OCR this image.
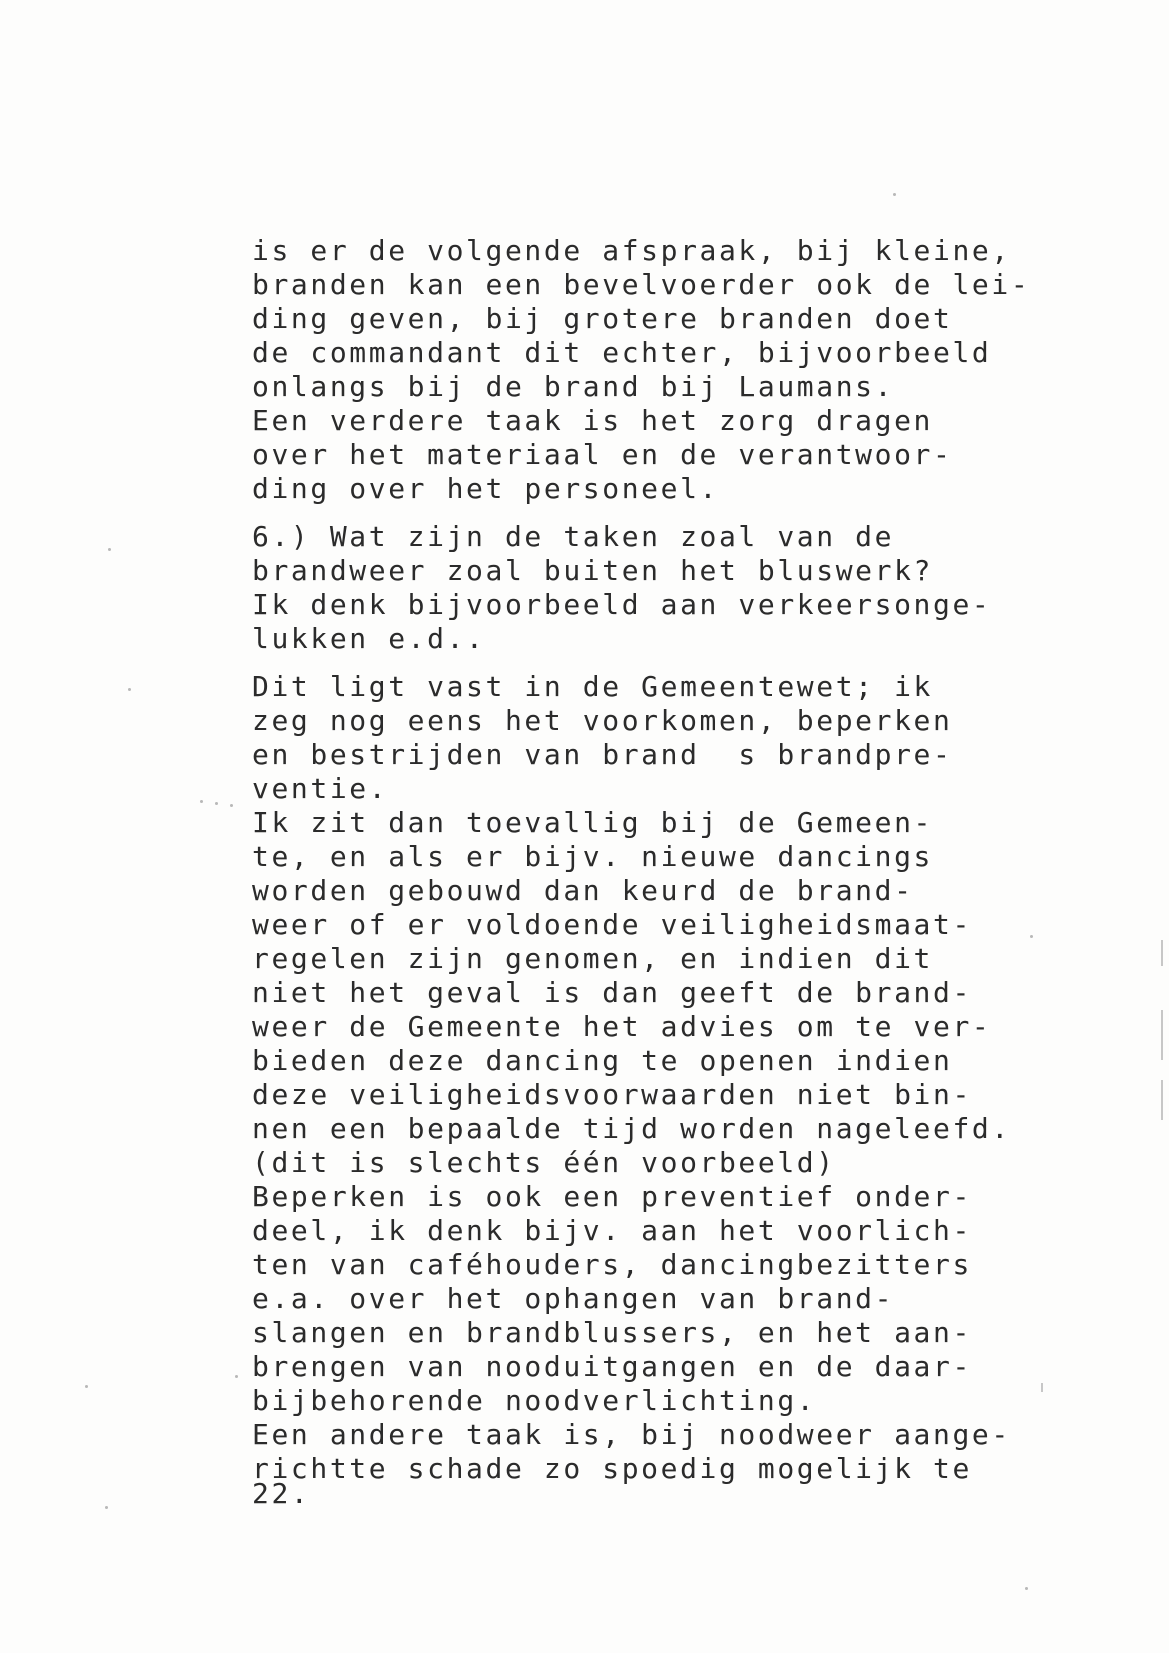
is er de volgende afspraak, bij kleine,
branden kan een bevelvoerder ook de lei-
ding geven, bij grotere branden doet
de commandant dit echter, bijvoorbeeld
onlangs bij de brand bij Laumans.
Een verdere taak is het zorg dragen
over het materiaal en de verantwoor-
ding over het personeel.
6.) Wat zijn de taken zoal van de
brandweer zoal buiten het bluswerk?
Ik denk bijvoorbeeld aan verkeersonge-
lukken e.d..
Dit ligt vast in de Gemeentewet; ik
zeg nog eens het voorkomen, beperken
en bestrijden van brand  s brandpre-
ventie.
Ik zit dan toevallig bij de Gemeen-
te, en als er bijv. nieuwe dancings
worden gebouwd dan keurd de brand-
weer of er voldoende veiligheidsmaat-
regelen zijn genomen, en indien dit
niet het geval is dan geeft de brand-
weer de Gemeente het advies om te ver-
bieden deze dancing te openen indien
deze veiligheidsvoorwaarden niet bin-
nen een bepaalde tijd worden nageleefd.
(dit is slechts één voorbeeld)
Beperken is ook een preventief onder-
deel, ik denk bijv. aan het voorlich-
ten van caféhouders, dancingbezitters
e.a. over het ophangen van brand-
slangen en brandblussers, en het aan-
brengen van nooduitgangen en de daar-
bijbehorende noodverlichting.
Een andere taak is, bij noodweer aange-
richtte schade zo spoedig mogelijk te
22.
